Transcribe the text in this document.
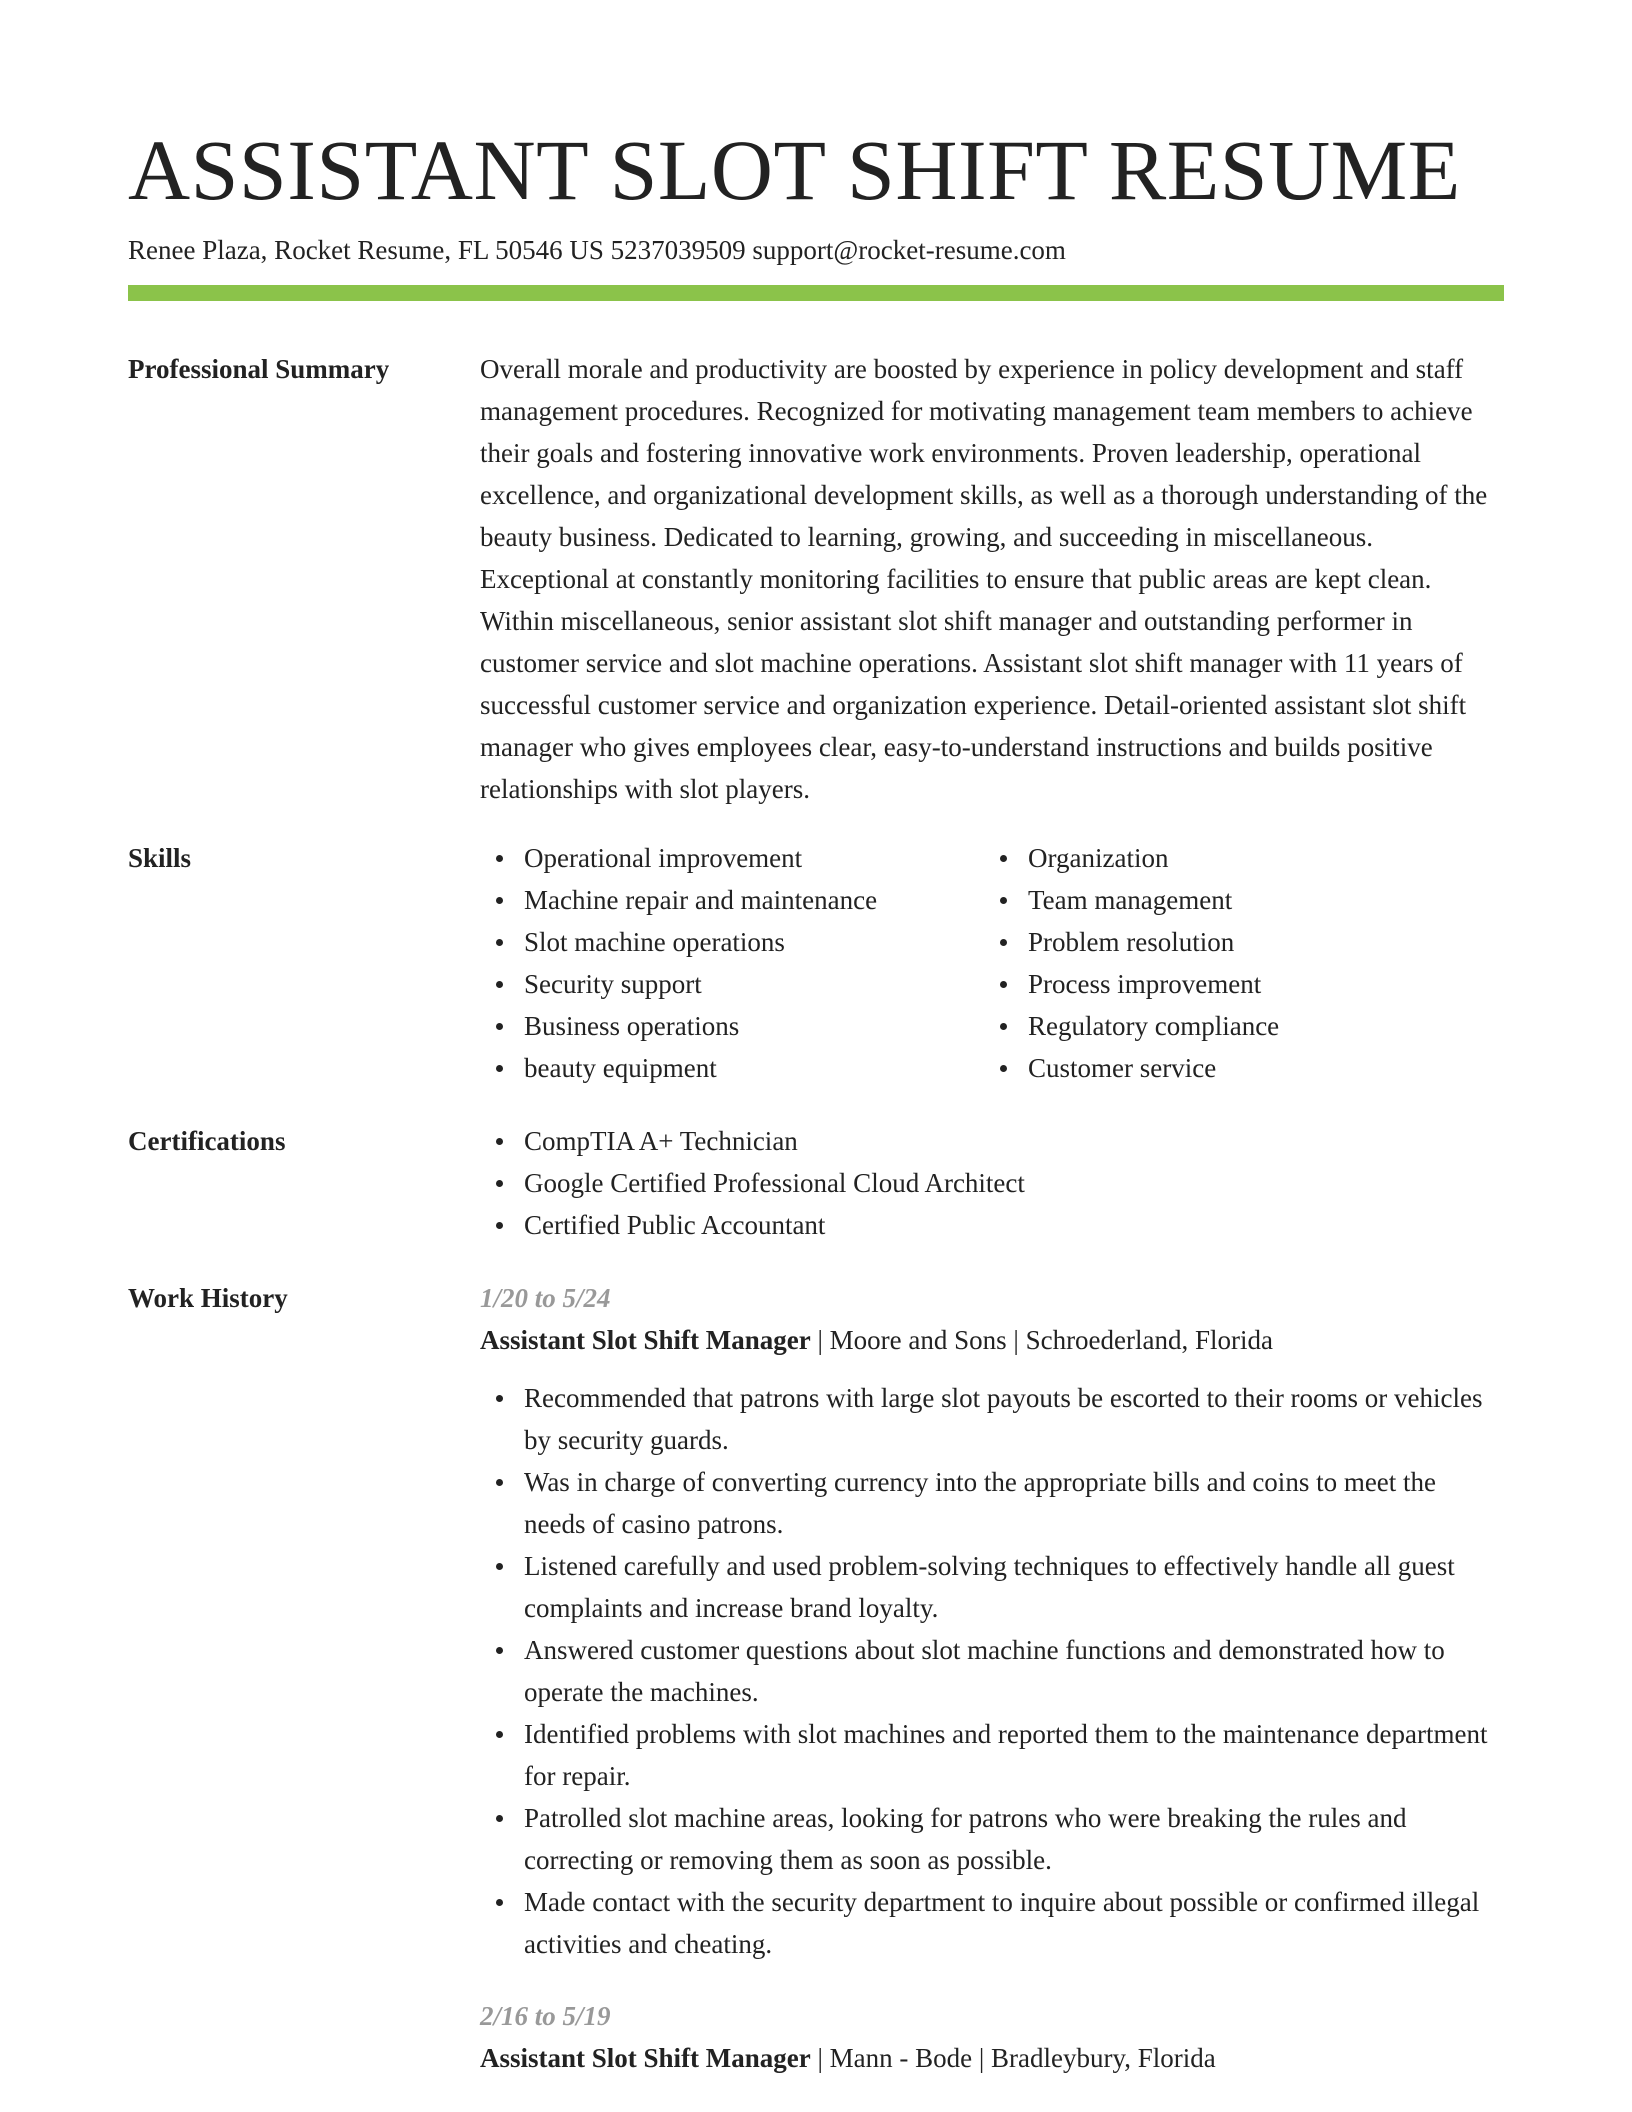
ASSISTANT SLOT SHIFT RESUME
Renee Plaza, Rocket Resume, FL 50546 US 5237039509 support@rocket-resume.com
Professional Summary	Overall morale and productivity are boosted by experience in policy development and staff management procedures. Recognized for motivating management team members to achieve their goals and fostering innovative work environments. Proven leadership, operational excellence, and organizational development skills, as well as a thorough understanding of the beauty business. Dedicated to learning, growing, and succeeding in miscellaneous. Exceptional at constantly monitoring facilities to ensure that public areas are kept clean. Within miscellaneous, senior assistant slot shift manager and outstanding performer in customer service and slot machine operations. Assistant slot shift manager with 11 years of successful customer service and organization experience. Detail-oriented assistant slot shift manager who gives employees clear, easy-to-understand instructions and builds positive relationships with slot players.

Skills	Operational improvement
Machine repair and maintenance
Slot machine operations
Security support
Business operations
beauty equipment
Organization
Team management
Problem resolution
Process improvement
Regulatory compliance
Customer service
Certifications	CompTIA A+ Technician
Google Certified Professional Cloud Architect
Certified Public Accountant
Work History	1/20 to 5/24
Assistant Slot Shift Manager | Moore and Sons | Schroederland, Florida
Recommended that patrons with large slot payouts be escorted to their rooms or vehicles by security guards.
Was in charge of converting currency into the appropriate bills and coins to meet the needs of casino patrons.
Listened carefully and used problem-solving techniques to effectively handle all guest complaints and increase brand loyalty.
Answered customer questions about slot machine functions and demonstrated how to operate the machines.
Identified problems with slot machines and reported them to the maintenance department for repair.
Patrolled slot machine areas, looking for patrons who were breaking the rules and correcting or removing them as soon as possible.
Made contact with the security department to inquire about possible or confirmed illegal activities and cheating.
2/16 to 5/19
Assistant Slot Shift Manager | Mann - Bode | Bradleybury, Florida
